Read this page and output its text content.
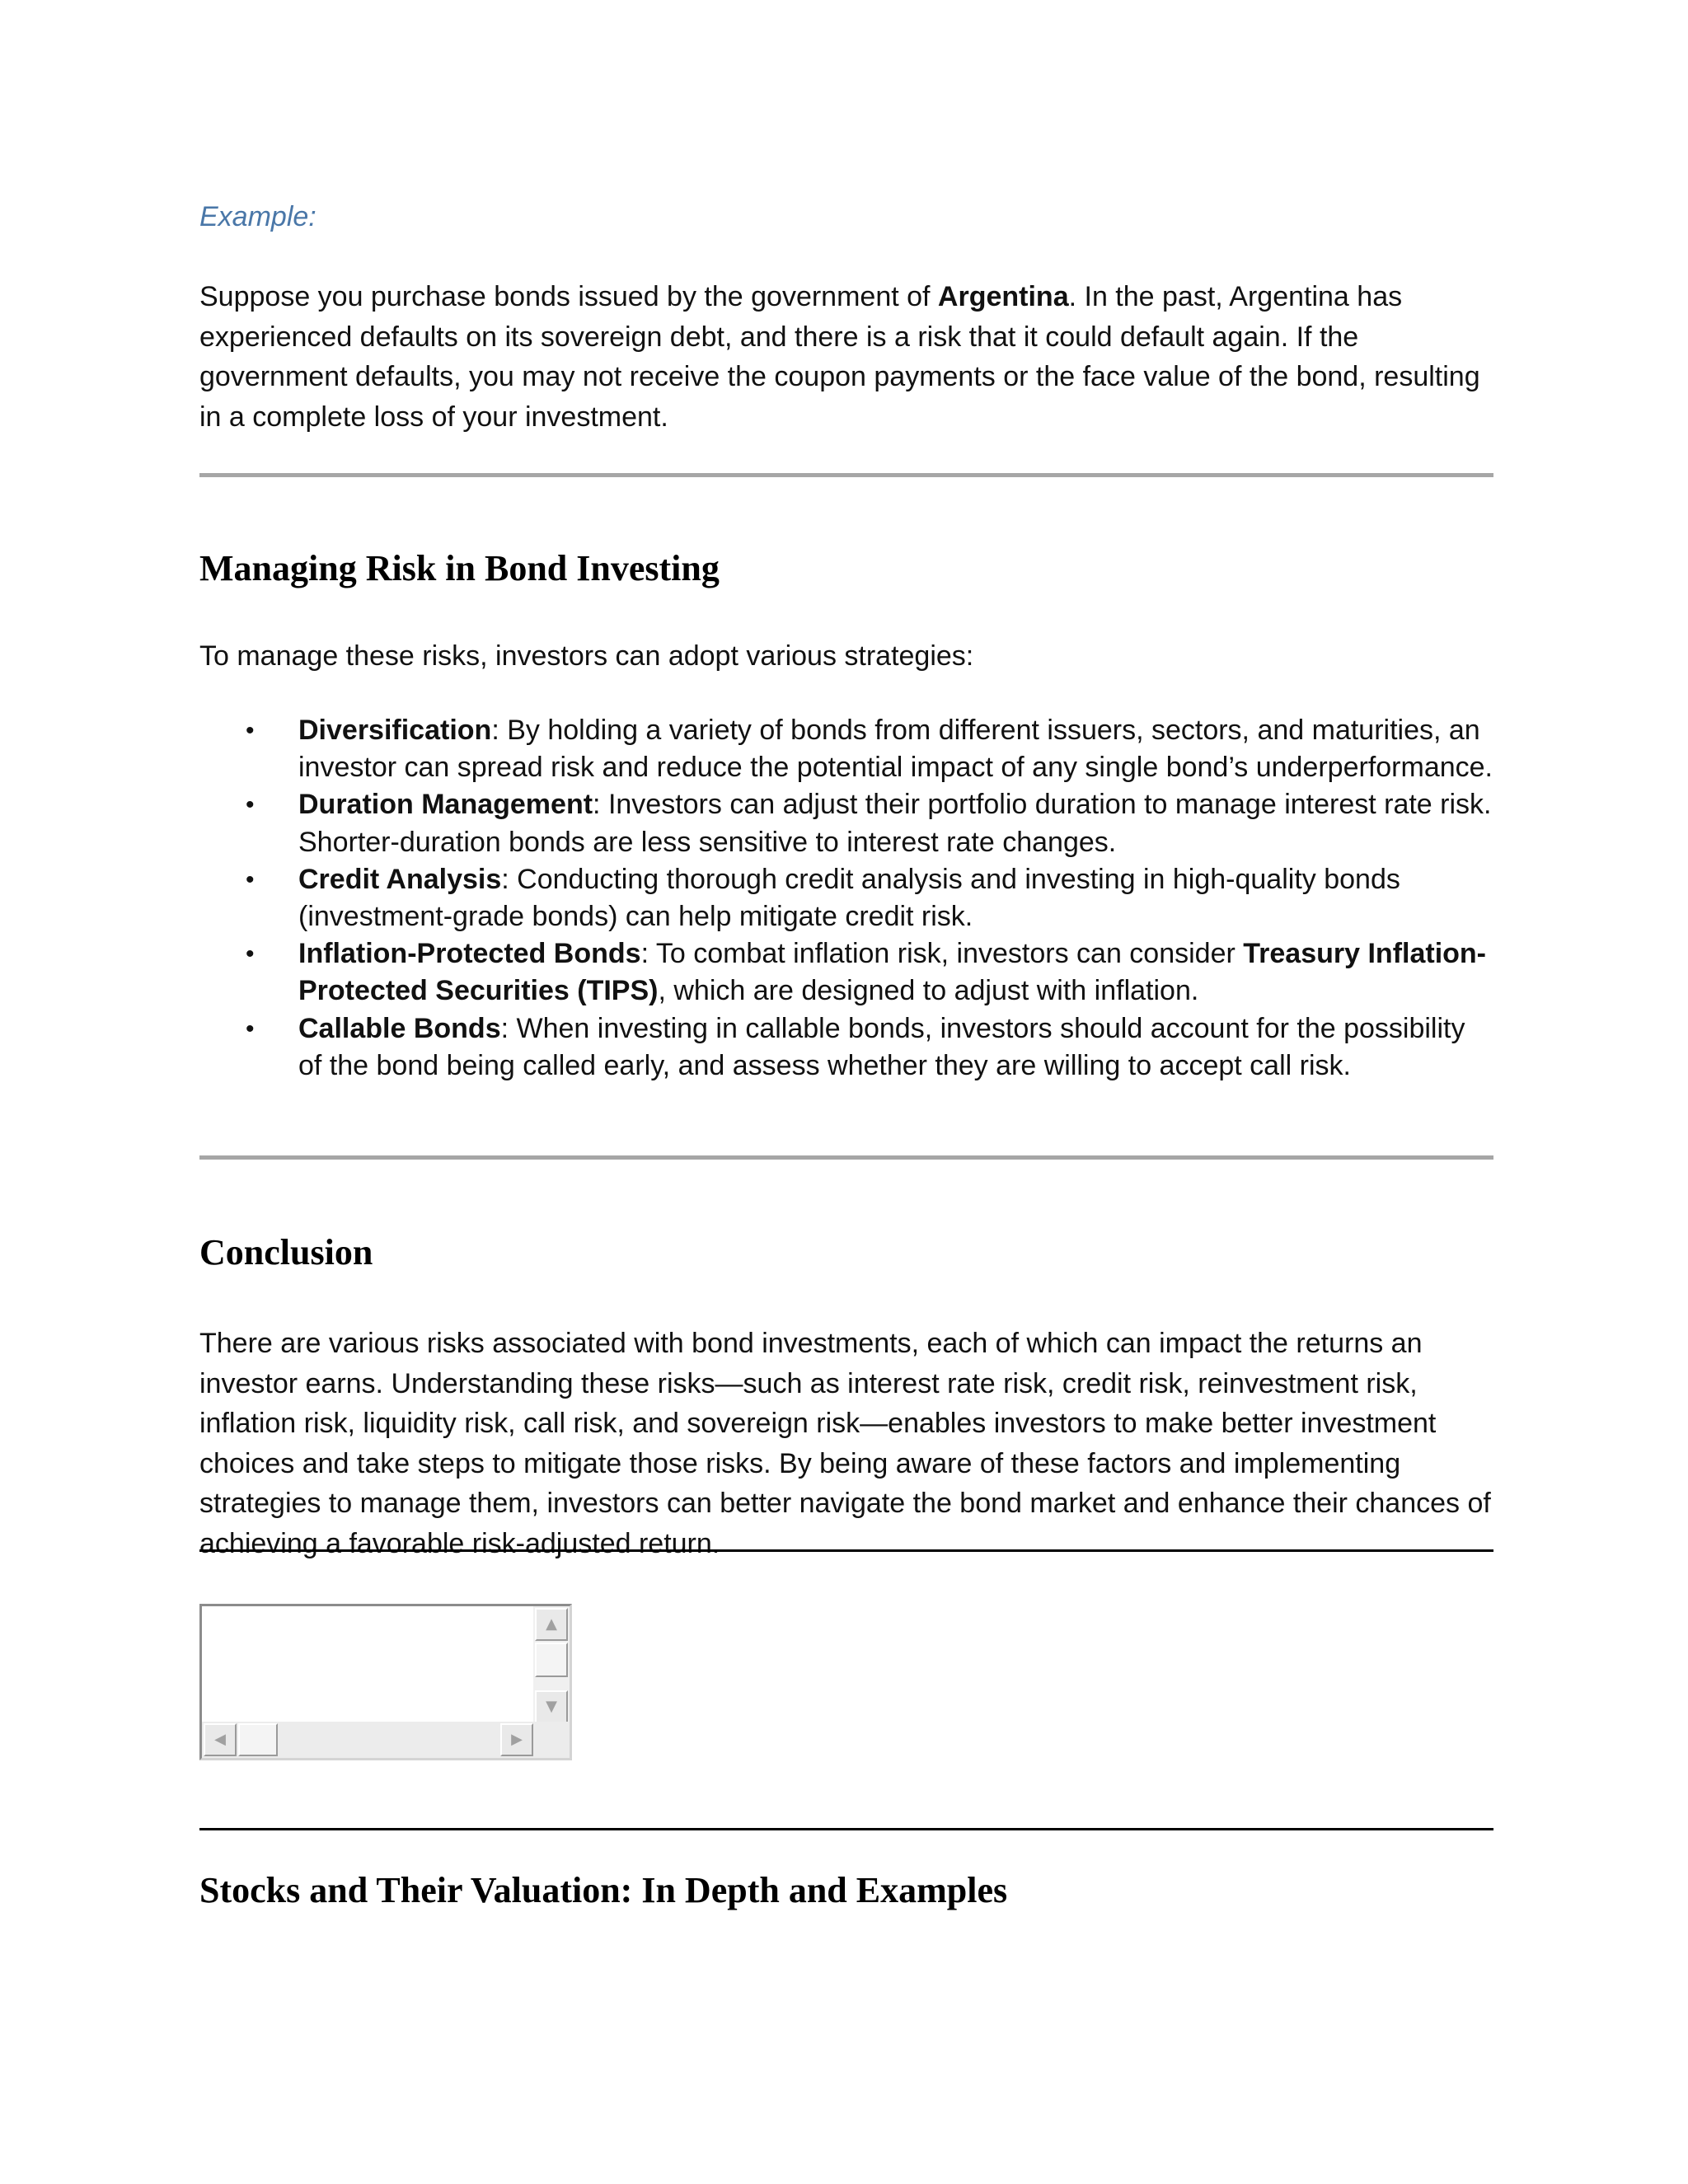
Example:

Suppose you purchase bonds issued by the government of Argentina. In the past, Argentina has experienced defaults on its sovereign debt, and there is a risk that it could default again. If the government defaults, you may not receive the coupon payments or the face value of the bond, resulting in a complete loss of your investment.

Managing Risk in Bond Investing

To manage these risks, investors can adopt various strategies:

• Diversification: By holding a variety of bonds from different issuers, sectors, and maturities, an investor can spread risk and reduce the potential impact of any single bond’s underperformance.
• Duration Management: Investors can adjust their portfolio duration to manage interest rate risk. Shorter-duration bonds are less sensitive to interest rate changes.
• Credit Analysis: Conducting thorough credit analysis and investing in high-quality bonds (investment-grade bonds) can help mitigate credit risk.
• Inflation-Protected Bonds: To combat inflation risk, investors can consider Treasury Inflation-Protected Securities (TIPS), which are designed to adjust with inflation.
• Callable Bonds: When investing in callable bonds, investors should account for the possibility of the bond being called early, and assess whether they are willing to accept call risk.
Conclusion

There are various risks associated with bond investments, each of which can impact the returns an investor earns. Understanding these risks—such as interest rate risk, credit risk, reinvestment risk, inflation risk, liquidity risk, call risk, and sovereign risk—enables investors to make better investment choices and take steps to mitigate those risks. By being aware of these factors and implementing strategies to manage them, investors can better navigate the bond market and enhance their chances of achieving a favorable risk-adjusted return.

▲
▼
◀	▶
Stocks and Their Valuation: In Depth and Examples
